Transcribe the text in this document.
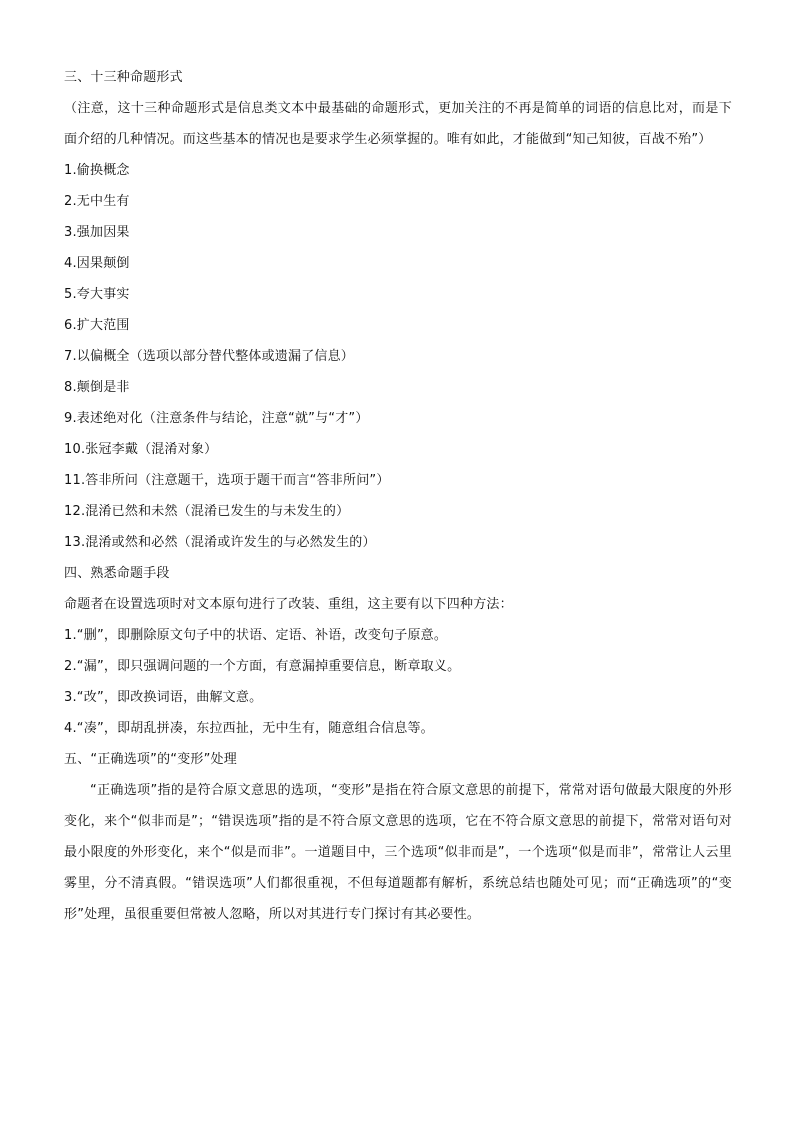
三、十三种命题形式

（注意，这十三种命题形式是信息类文本中最基础的命题形式，更加关注的不再是简单的词语的信息比对，而是下面介绍的几种情况。而这些基本的情况也是要求学生必须掌握的。唯有如此，才能做到“知己知彼，百战不殆”）

1.偷换概念

2.无中生有

3.强加因果

4.因果颠倒

5.夸大事实

6.扩大范围

7.以偏概全（选项以部分替代整体或遗漏了信息）

8.颠倒是非

9.表述绝对化（注意条件与结论，注意“就”与“才”）

10.张冠李戴（混淆对象）

11.答非所问（注意题干，选项于题干而言“答非所问”）

12.混淆已然和未然（混淆已发生的与未发生的）

13.混淆或然和必然（混淆或许发生的与必然发生的）

四、熟悉命题手段

命题者在设置选项时对文本原句进行了改装、重组，这主要有以下四种方法：

1.“删”，即删除原文句子中的状语、定语、补语，改变句子原意。

2.“漏”，即只强调问题的一个方面，有意漏掉重要信息，断章取义。

3.“改”，即改换词语，曲解文意。

4.“凑”，即胡乱拼凑，东拉西扯，无中生有，随意组合信息等。

五、“正确选项”的“变形”处理

“正确选项”指的是符合原文意思的选项，“变形”是指在符合原文意思的前提下，常常对语句做最大限度的外形变化，来个“似非而是”；“错误选项”指的是不符合原文意思的选项，它在不符合原文意思的前提下，常常对语句对最小限度的外形变化，来个“似是而非”。一道题目中，三个选项“似非而是”，一个选项“似是而非”，常常让人云里雾里，分不清真假。“错误选项”人们都很重视，不但每道题都有解析，系统总结也随处可见；而“正确选项”的“变形”处理，虽很重要但常被人忽略，所以对其进行专门探讨有其必要性。
